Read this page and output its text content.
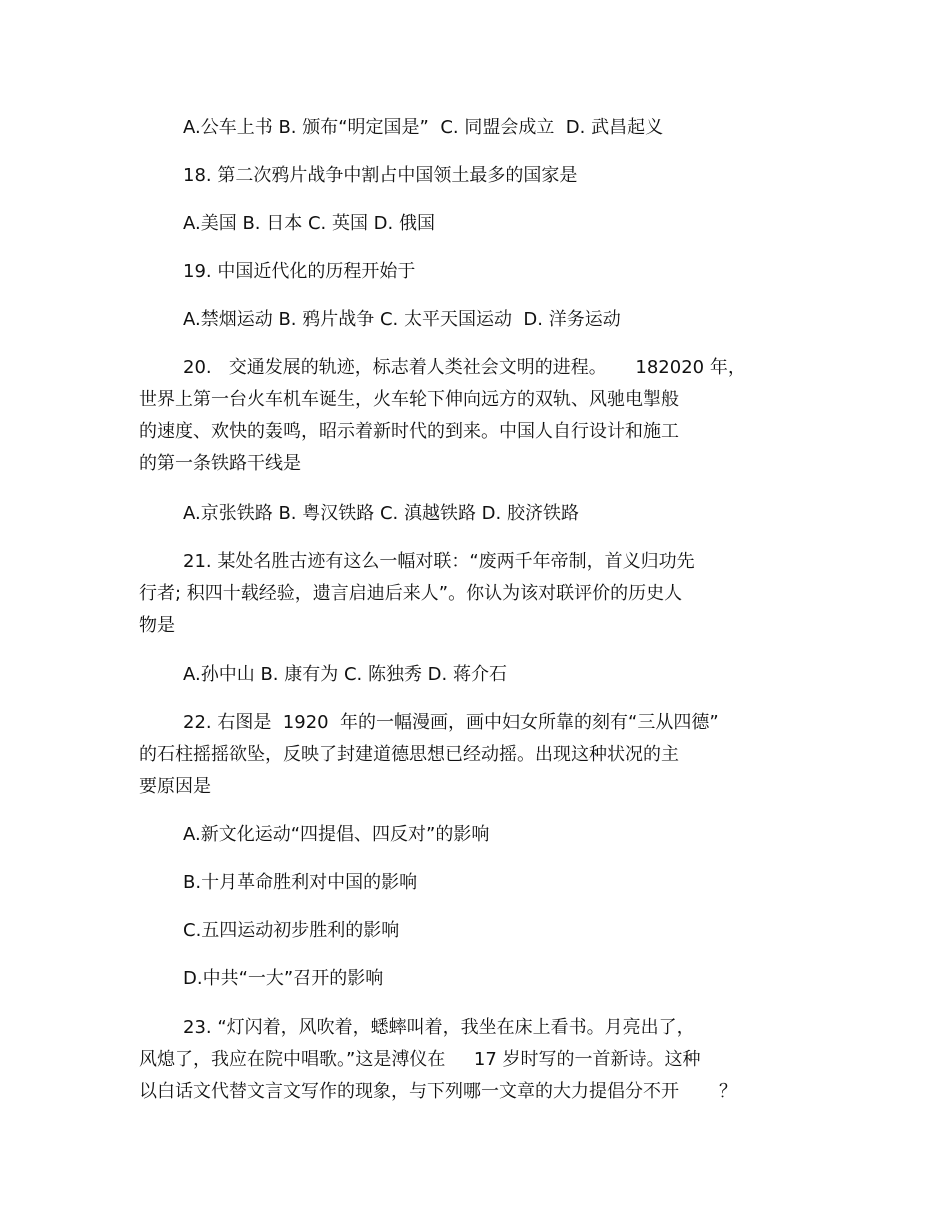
A.公车上书 B. 颁布“明定国是”  C. 同盟会成立  D. 武昌起义

18. 第二次鸦片战争中割占中国领土最多的国家是

A.美国 B. 日本 C. 英国 D. 俄国

19. 中国近代化的历程开始于

A.禁烟运动 B. 鸦片战争 C. 太平天国运动  D. 洋务运动

20.   交通发展的轨迹，标志着人类社会文明的进程。     182020 年，
世界上第一台火车机车诞生，火车轮下伸向远方的双轨、风驰电掣般
的速度、欢快的轰鸣，昭示着新时代的到来。中国人自行设计和施工
的第一条铁路干线是

A.京张铁路 B. 粤汉铁路 C. 滇越铁路 D. 胶济铁路

21. 某处名胜古迹有这么一幅对联：“废两千年帝制，首义归功先
行者; 积四十载经验，遗言启迪后来人”。你认为该对联评价的历史人
物是

A.孙中山 B. 康有为 C. 陈独秀 D. 蒋介石

22. 右图是  1920  年的一幅漫画，画中妇女所靠的刻有“三从四德”
的石柱摇摇欲坠，反映了封建道德思想已经动摇。出现这种状况的主
要原因是

A.新文化运动“四提倡、四反对”的影响

B.十月革命胜利对中国的影响

C.五四运动初步胜利的影响

D.中共“一大”召开的影响

23. “灯闪着，风吹着，蟋蟀叫着，我坐在床上看书。月亮出了，
风熄了，我应在院中唱歌。”这是溥仪在     17 岁时写的一首新诗。这种
以白话文代替文言文写作的现象，与下列哪一文章的大力提倡分不开       ？
